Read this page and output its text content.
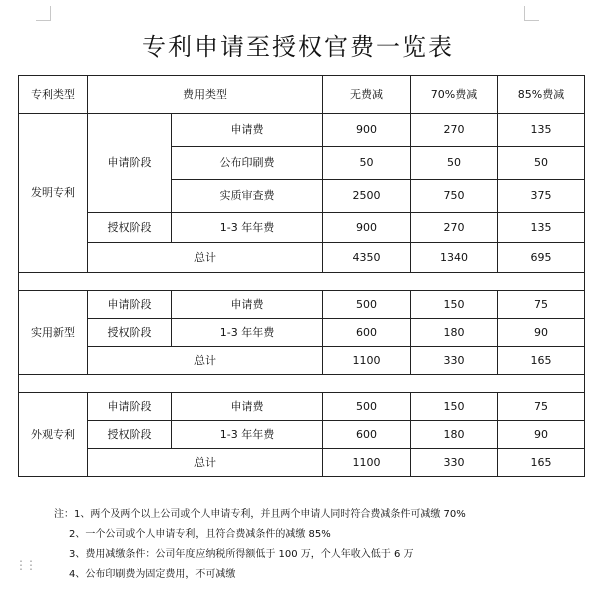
专利申请至授权官费一览表
专利类型	费用类型		无费减	70%费减	85%费减
发明专利	申请阶段	申请费	900	270	135
		公布印刷费	50	50	50
		实质审查费	2500	750	375
	授权阶段	1-3 年年费	900	270	135
	总计		4350	1340	695

实用新型	申请阶段	申请费	500	150	75
	授权阶段	1-3 年年费	600	180	90
	总计		1100	330	165

外观专利	申请阶段	申请费	500	150	75
	授权阶段	1-3 年年费	600	180	90
	总计		1100	330	165
注：1、两个及两个以上公司或个人申请专利，并且两个申请人同时符合费减条件可减缴 70%
2、一个公司或个人申请专利，且符合费减条件的减缴 85%
3、费用减缴条件：公司年度应纳税所得额低于 100 万，个人年收入低于 6 万
4、公布印刷费为固定费用，不可减缴
⋮⋮
